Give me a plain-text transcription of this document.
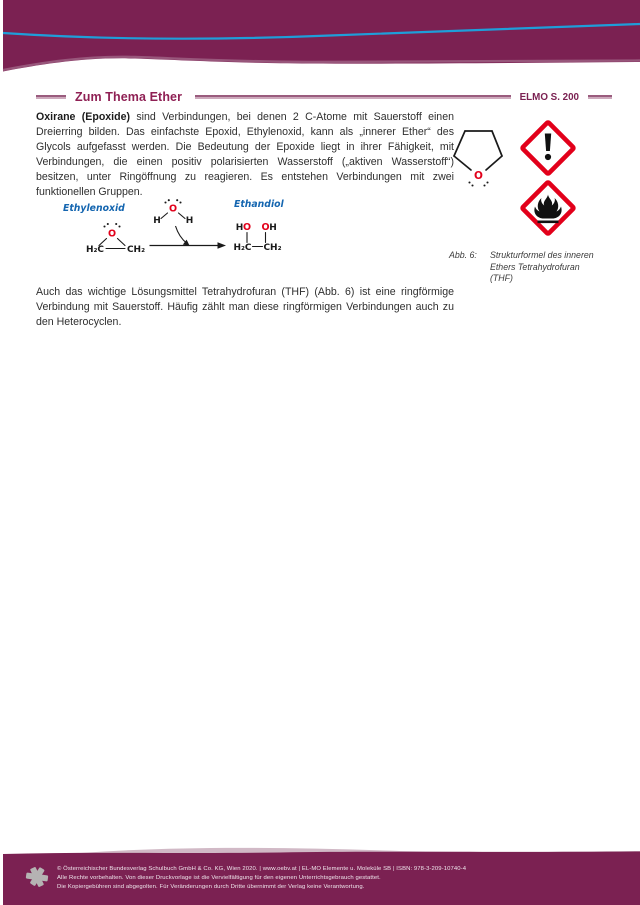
Zum Thema Ether	ELMO S. 200

Oxirane (Epoxide) sind Verbindungen, bei denen 2 C-Atome mit Sauerstoff einen Dreierring bilden. Das einfachste Epoxid, Ethylenoxid, kann als „innerer Ether“ des Glycols aufgefasst werden. Die Bedeutung der Epoxide liegt in ihrer Fähigkeit, mit Verbindungen, die einen positiv polarisierten Wasserstoff („aktiven Wasserstoff“) besitzen, unter Ringöffnung zu reagieren. Es entstehen Verbindungen mit zwei funktionellen Gruppen.

Ethylenoxid	Ethandiol
O
H₂C	CH₂
O
H	H
H O O H
H₂C CH₂
O
Abb. 6:	Strukturformel des inneren Ethers Tetrahydrofuran (THF)

Auch das wichtige Lösungsmittel Tetrahydrofuran (THF) (Abb. 6) ist eine ringförmige Verbindung mit Sauerstoff. Häufig zählt man diese ringförmigen Verbindungen auch zu den Heterocyclen.

© Österreichischer Bundesverlag Schulbuch GmbH & Co. KG, Wien 2020. | www.oebv.at | EL-MO Elemente u. Moleküle SB | ISBN: 978-3-209-10740-4
Alle Rechte vorbehalten. Von dieser Druckvorlage ist die Vervielfältigung für den eigenen Unterrichtsgebrauch gestattet.
Die Kopiergebühren sind abgegolten. Für Veränderungen durch Dritte übernimmt der Verlag keine Verantwortung.
